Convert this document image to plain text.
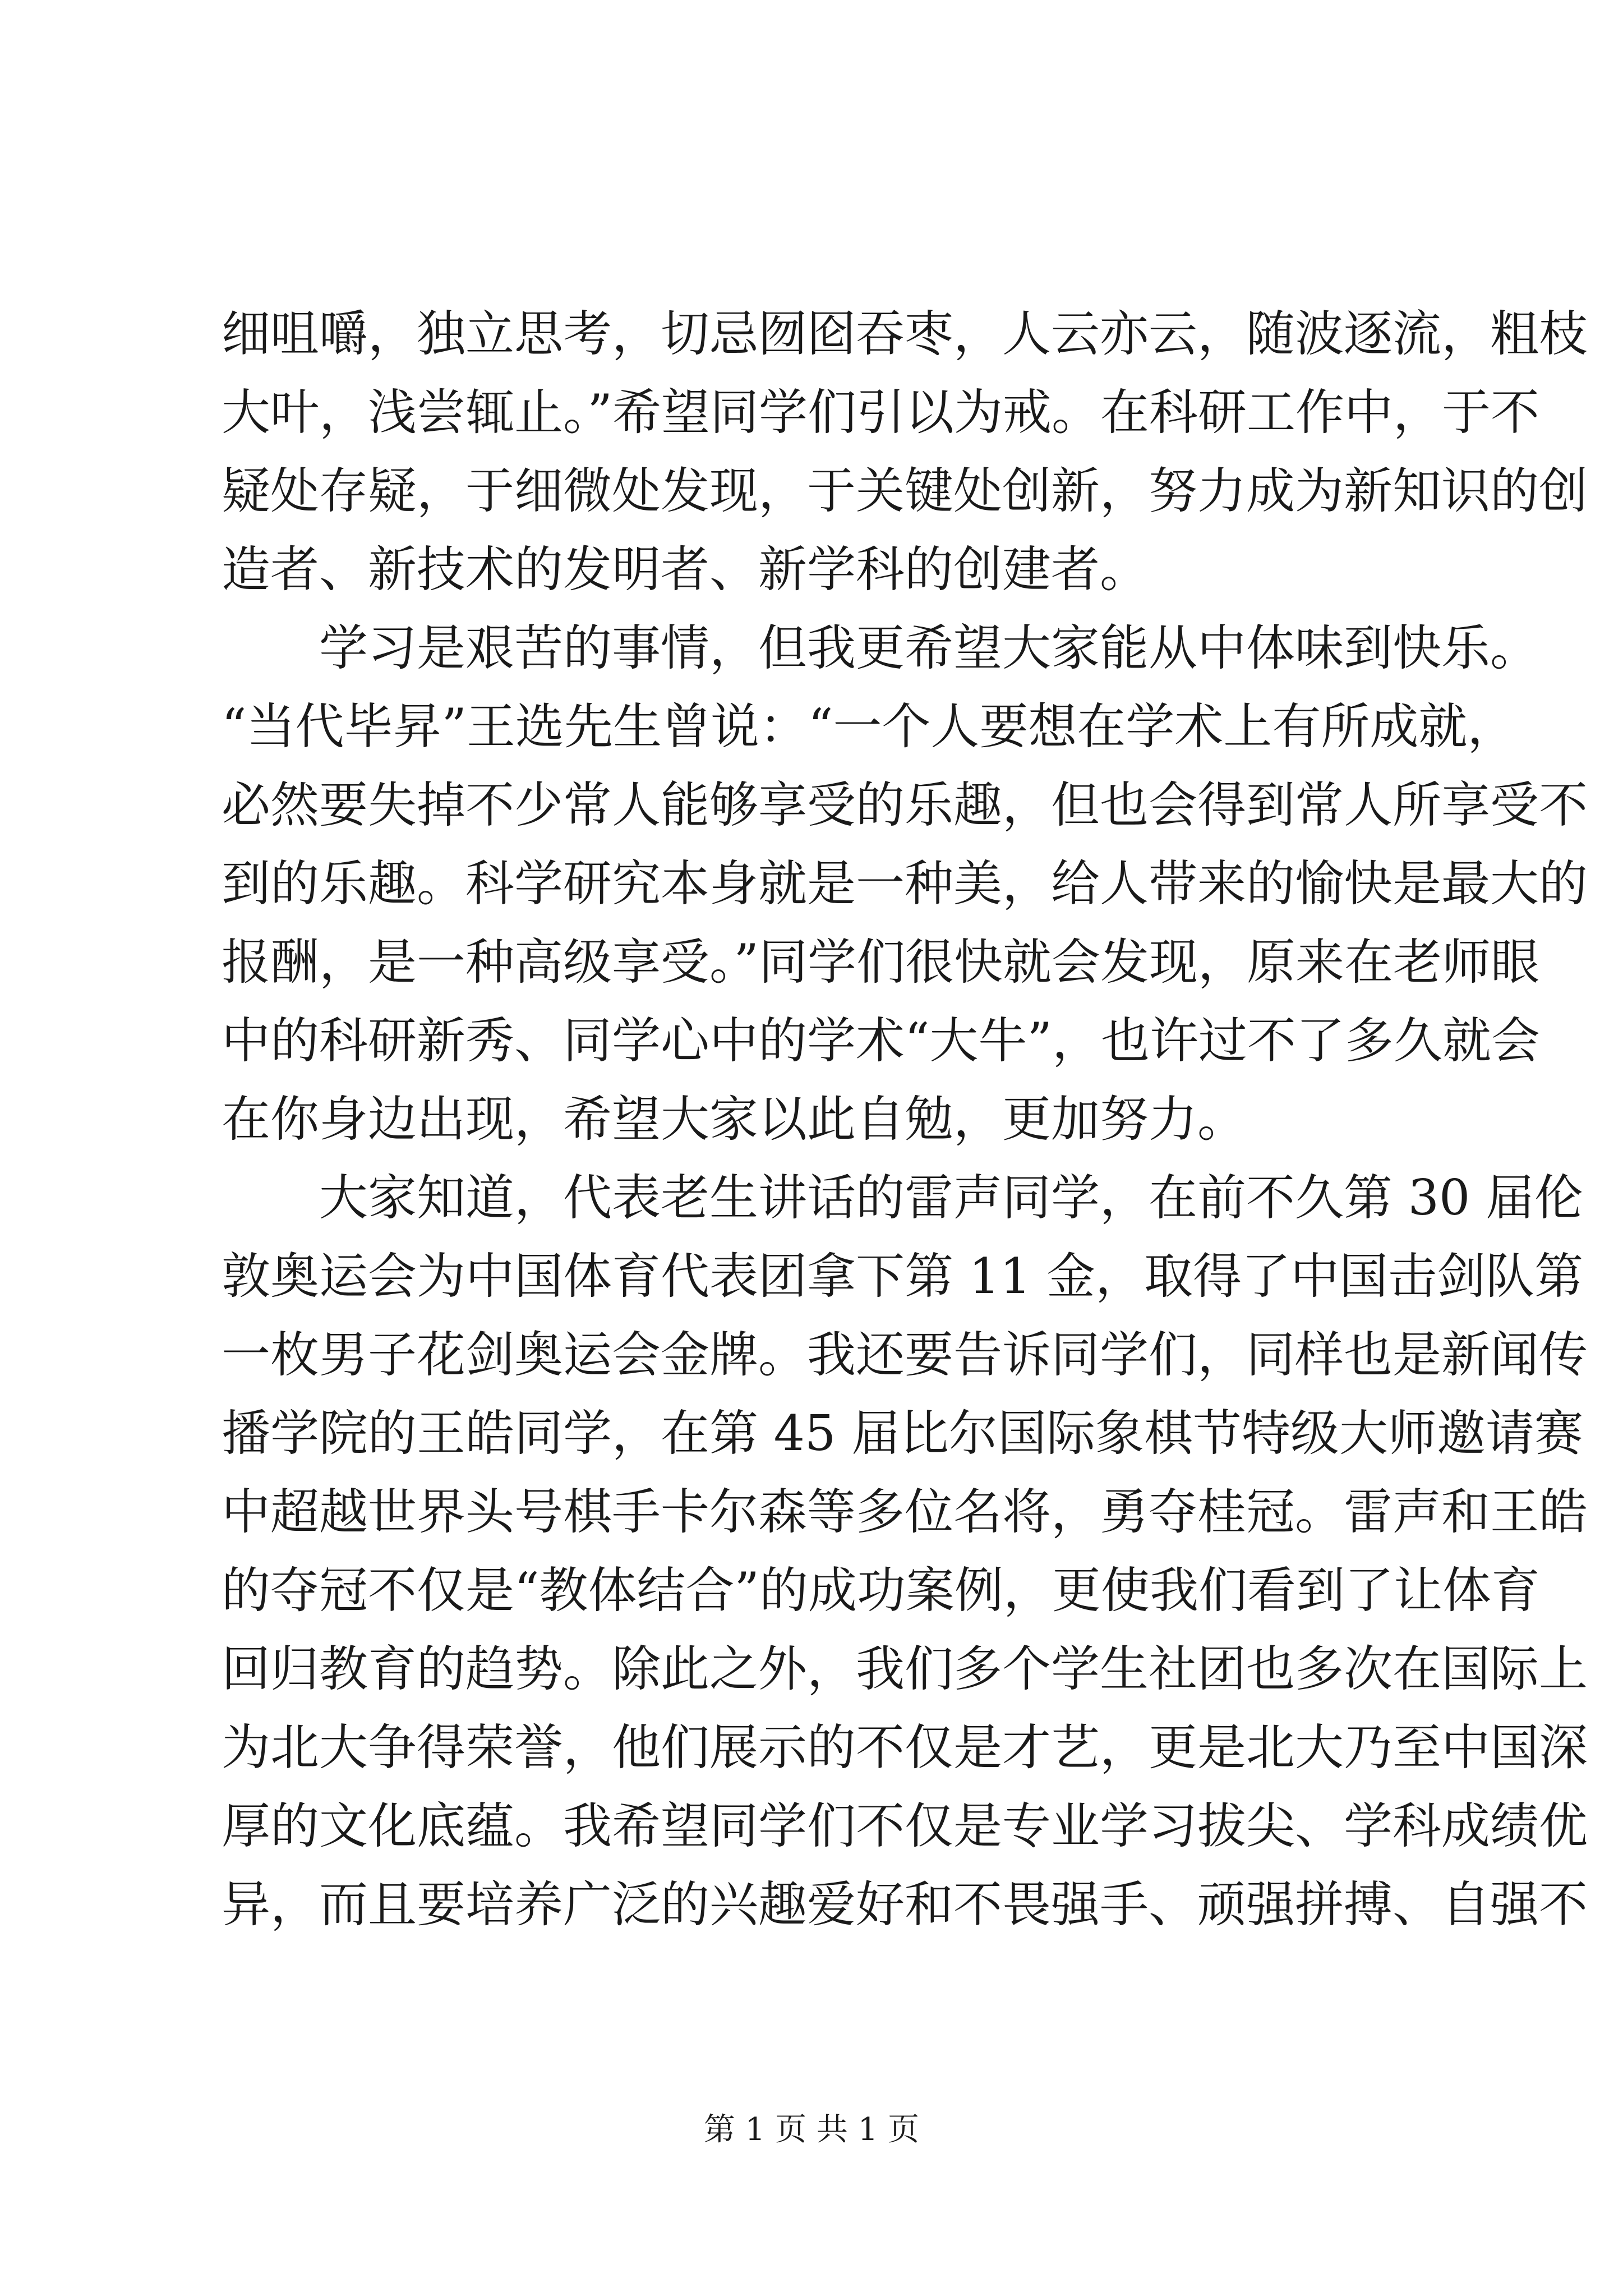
细咀嚼，独立思考，切忌囫囵吞枣，人云亦云，随波逐流，粗枝
大叶，浅尝辄止。”希望同学们引以为戒。在科研工作中，于不
疑处存疑，于细微处发现，于关键处创新，努力成为新知识的创
造者、新技术的发明者、新学科的创建者。
　　学习是艰苦的事情，但我更希望大家能从中体味到快乐。
“当代毕昇”王选先生曾说：“一个人要想在学术上有所成就，
必然要失掉不少常人能够享受的乐趣，但也会得到常人所享受不
到的乐趣。科学研究本身就是一种美，给人带来的愉快是最大的
报酬，是一种高级享受。”同学们很快就会发现，原来在老师眼
中的科研新秀、同学心中的学术“大牛”，也许过不了多久就会
在你身边出现，希望大家以此自勉，更加努力。
　　大家知道，代表老生讲话的雷声同学，在前不久第 30 届伦
敦奥运会为中国体育代表团拿下第 11 金，取得了中国击剑队第
一枚男子花剑奥运会金牌。我还要告诉同学们，同样也是新闻传
播学院的王皓同学，在第 45 届比尔国际象棋节特级大师邀请赛
中超越世界头号棋手卡尔森等多位名将，勇夺桂冠。雷声和王皓
的夺冠不仅是“教体结合”的成功案例，更使我们看到了让体育
回归教育的趋势。除此之外，我们多个学生社团也多次在国际上
为北大争得荣誉，他们展示的不仅是才艺，更是北大乃至中国深
厚的文化底蕴。我希望同学们不仅是专业学习拔尖、学科成绩优
异，而且要培养广泛的兴趣爱好和不畏强手、顽强拼搏、自强不
第 1 页 共 1 页
